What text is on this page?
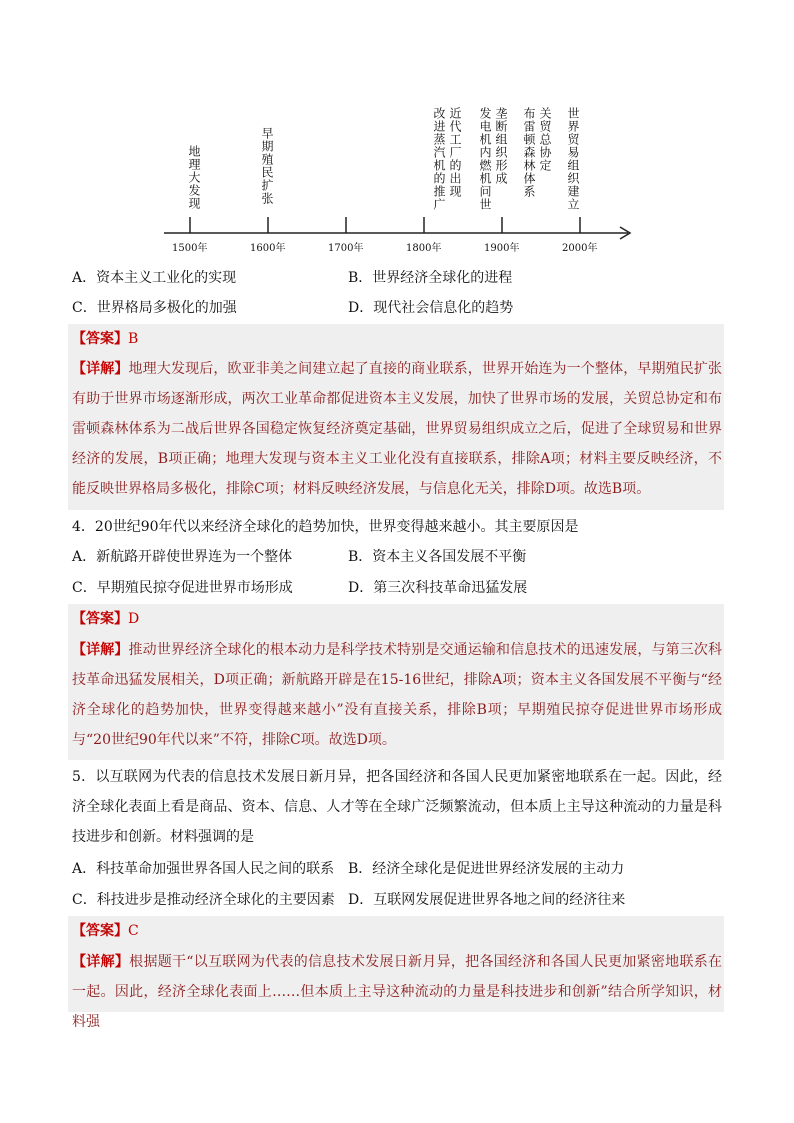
1500年	1600年	1700年	1800年	1900年	2000年
地理大发现	早期殖民扩张	改进蒸汽机的推广 近代工厂的出现 发电机内燃机问世 垄断组织形成 布雷顿森林体系 关贸总协定 世界贸易组织建立
A．资本主义工业化的实现	B．世界经济全球化的进程
C．世界格局多极化的加强	D．现代社会信息化的趋势
【答案】B
【详解】地理大发现后，欧亚非美之间建立起了直接的商业联系，世界开始连为一个整体，早期殖民扩张有助于世界市场逐渐形成，两次工业革命都促进资本主义发展，加快了世界市场的发展，关贸总协定和布雷顿森林体系为二战后世界各国稳定恢复经济奠定基础，世界贸易组织成立之后，促进了全球贸易和世界经济的发展，B项正确；地理大发现与资本主义工业化没有直接联系，排除A项；材料主要反映经济，不能反映世界格局多极化，排除C项；材料反映经济发展，与信息化无关，排除D项。故选B项。
4．20世纪90年代以来经济全球化的趋势加快，世界变得越来越小。其主要原因是
A．新航路开辟使世界连为一个整体	B．资本主义各国发展不平衡
C．早期殖民掠夺促进世界市场形成	D．第三次科技革命迅猛发展
【答案】D
【详解】推动世界经济全球化的根本动力是科学技术特别是交通运输和信息技术的迅速发展，与第三次科技革命迅猛发展相关，D项正确；新航路开辟是在15-16世纪，排除A项；资本主义各国发展不平衡与“经济全球化的趋势加快，世界变得越来越小”没有直接关系，排除B项；早期殖民掠夺促进世界市场形成与“20世纪90年代以来”不符，排除C项。故选D项。
5．以互联网为代表的信息技术发展日新月异，把各国经济和各国人民更加紧密地联系在一起。因此，经济全球化表面上看是商品、资本、信息、人才等在全球广泛频繁流动，但本质上主导这种流动的力量是科技进步和创新。材料强调的是
A．科技革命加强世界各国人民之间的联系 B．经济全球化是促进世界经济发展的主动力
C．科技进步是推动经济全球化的主要因素 D．互联网发展促进世界各地之间的经济往来
【答案】C
【详解】根据题干“以互联网为代表的信息技术发展日新月异，把各国经济和各国人民更加紧密地联系在一起。因此，经济全球化表面上……但本质上主导这种流动的力量是科技进步和创新”结合所学知识，材料强
